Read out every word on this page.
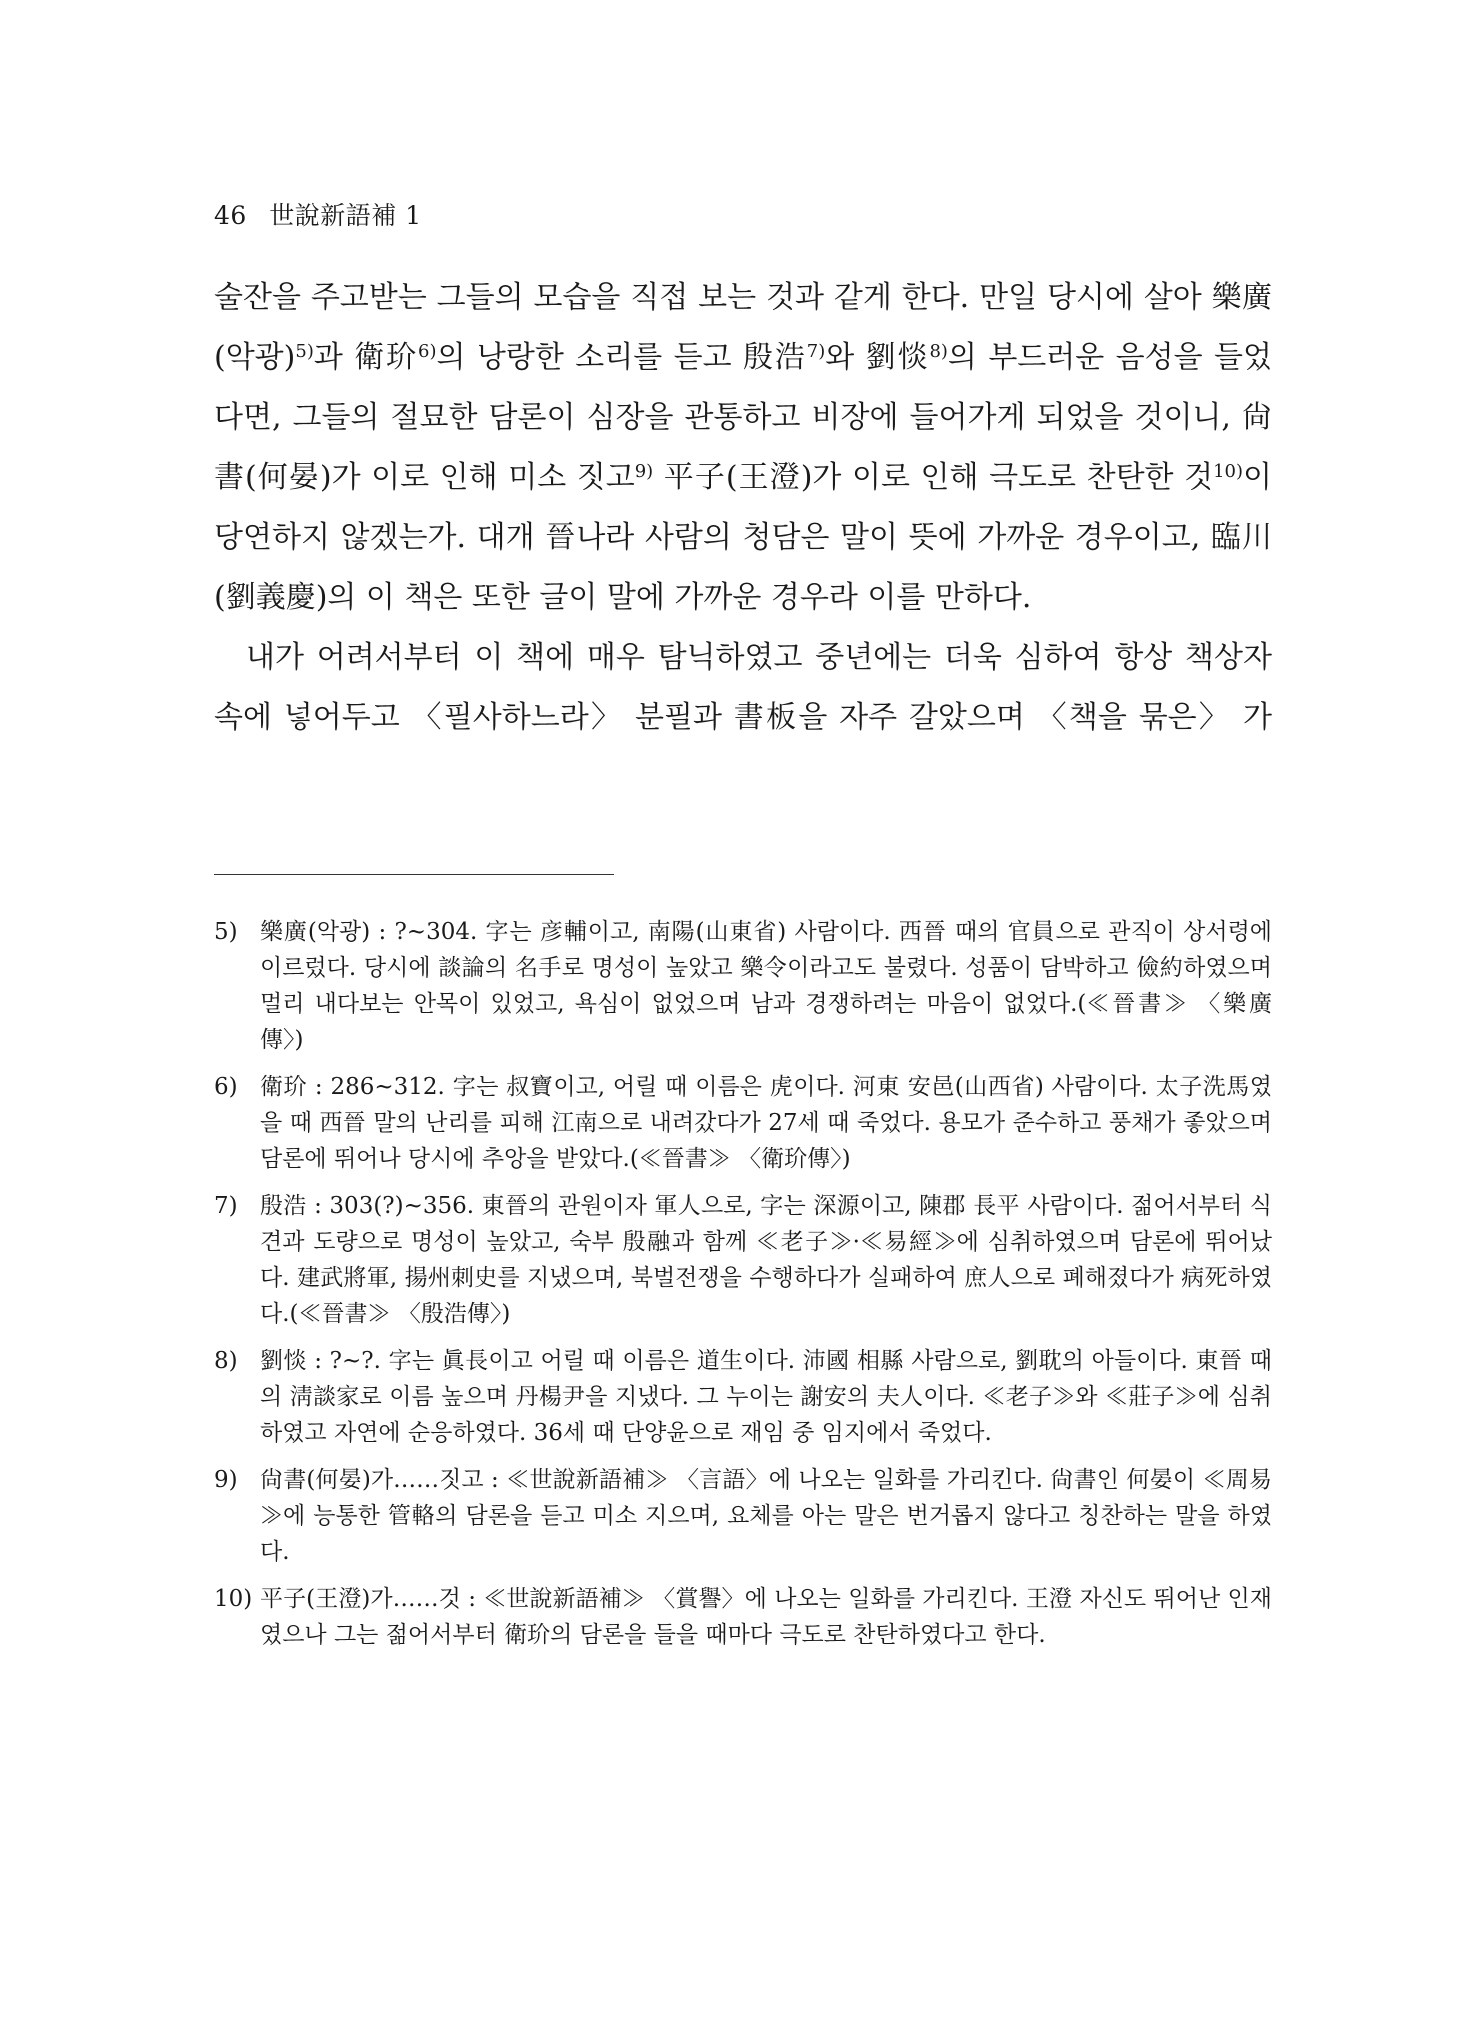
46 世說新語補 1

술잔을 주고받는 그들의 모습을 직접 보는 것과 같게 한다. 만일 당시에 살아 樂廣(악광)$^{5)}$과 衛玠$^{6)}$의 낭랑한 소리를 듣고 殷浩$^{7)}$와 劉惔$^{8)}$의 부드러운 음성을 들었다면, 그들의 절묘한 담론이 심장을 관통하고 비장에 들어가게 되었을 것이니, 尙書(何晏)가 이로 인해 미소 짓고$^{9)}$ 平子(王澄)가 이로 인해 극도로 찬탄한 것$^{10)}$이 당연하지 않겠는가. 대개 晉나라 사람의 청담은 말이 뜻에 가까운 경우이고, 臨川(劉義慶)의 이 책은 또한 글이 말에 가까운 경우라 이를 만하다.

내가 어려서부터 이 책에 매우 탐닉하였고 중년에는 더욱 심하여 항상 책상자 속에 넣어두고 〈필사하느라〉 분필과 書板을 자주 갈았으며 〈책을 묶은〉 가

5) 樂廣(악광) : ?~304. 字는 彦輔이고, 南陽(山東省) 사람이다. 西晉 때의 官員으로 관직이 상서령에 이르렀다. 당시에 談論의 名手로 명성이 높았고 樂令이라고도 불렸다. 성품이 담박하고 儉約하였으며 멀리 내다보는 안목이 있었고, 욕심이 없었으며 남과 경쟁하려는 마음이 없었다.(≪晉書≫ 〈樂廣傳〉)
6) 衛玠 : 286~312. 字는 叔寶이고, 어릴 때 이름은 虎이다. 河東 安邑(山西省) 사람이다. 太子洗馬였을 때 西晉 말의 난리를 피해 江南으로 내려갔다가 27세 때 죽었다. 용모가 준수하고 풍채가 좋았으며 담론에 뛰어나 당시에 추앙을 받았다.(≪晉書≫ 〈衛玠傳〉)
7) 殷浩 : 303(?)~356. 東晉의 관원이자 軍人으로, 字는 深源이고, 陳郡 長平 사람이다. 젊어서부터 식견과 도량으로 명성이 높았고, 숙부 殷融과 함께 ≪老子≫·≪易經≫에 심취하였으며 담론에 뛰어났다. 建武將軍, 揚州刺史를 지냈으며, 북벌전쟁을 수행하다가 실패하여 庶人으로 폐해졌다가 病死하였다.(≪晉書≫ 〈殷浩傳〉)
8) 劉惔 : ?~?. 字는 眞長이고 어릴 때 이름은 道生이다. 沛國 相縣 사람으로, 劉耽의 아들이다. 東晉 때의 淸談家로 이름 높으며 丹楊尹을 지냈다. 그 누이는 謝安의 夫人이다. ≪老子≫와 ≪莊子≫에 심취하였고 자연에 순응하였다. 36세 때 단양윤으로 재임 중 임지에서 죽었다.
9) 尙書(何晏)가……짓고 : ≪世說新語補≫ 〈言語〉에 나오는 일화를 가리킨다. 尙書인 何晏이 ≪周易≫에 능통한 管輅의 담론을 듣고 미소 지으며, 요체를 아는 말은 번거롭지 않다고 칭찬하는 말을 하였다.
10) 平子(王澄)가……것 : ≪世說新語補≫ 〈賞譽〉에 나오는 일화를 가리킨다. 王澄 자신도 뛰어난 인재였으나 그는 젊어서부터 衛玠의 담론을 들을 때마다 극도로 찬탄하였다고 한다.
